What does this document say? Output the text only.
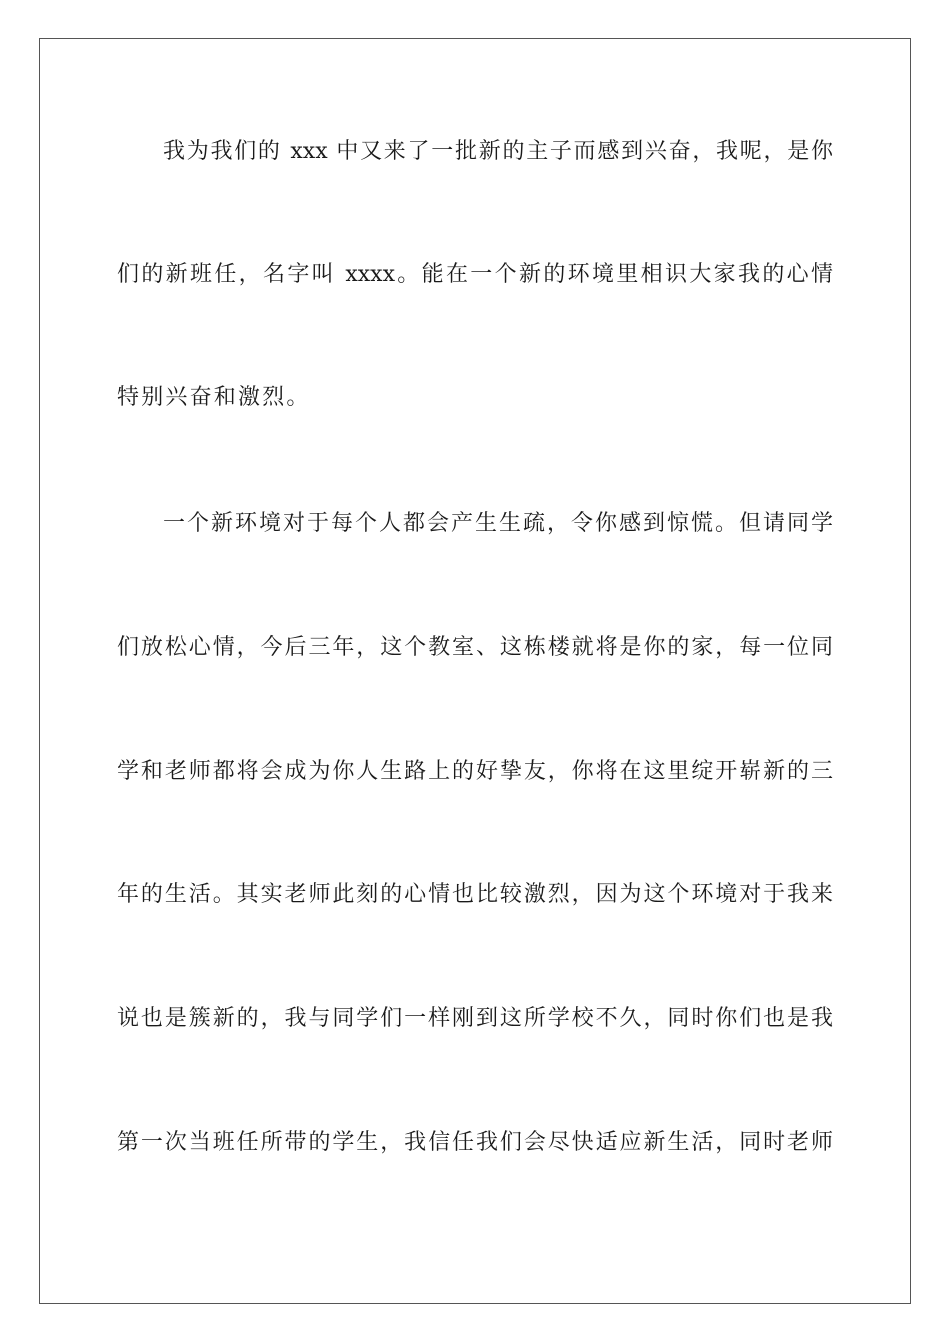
我为我们的 xxx 中又来了一批新的主子而感到兴奋，我呢，是你
们的新班任，名字叫 xxxx。能在一个新的环境里相识大家我的心情
特别兴奋和激烈。
一个新环境对于每个人都会产生生疏，令你感到惊慌。但请同学
们放松心情，今后三年，这个教室、这栋楼就将是你的家，每一位同
学和老师都将会成为你人生路上的好挚友，你将在这里绽开崭新的三
年的生活。其实老师此刻的心情也比较激烈，因为这个环境对于我来
说也是簇新的，我与同学们一样刚到这所学校不久，同时你们也是我
第一次当班任所带的学生，我信任我们会尽快适应新生活，同时老师
